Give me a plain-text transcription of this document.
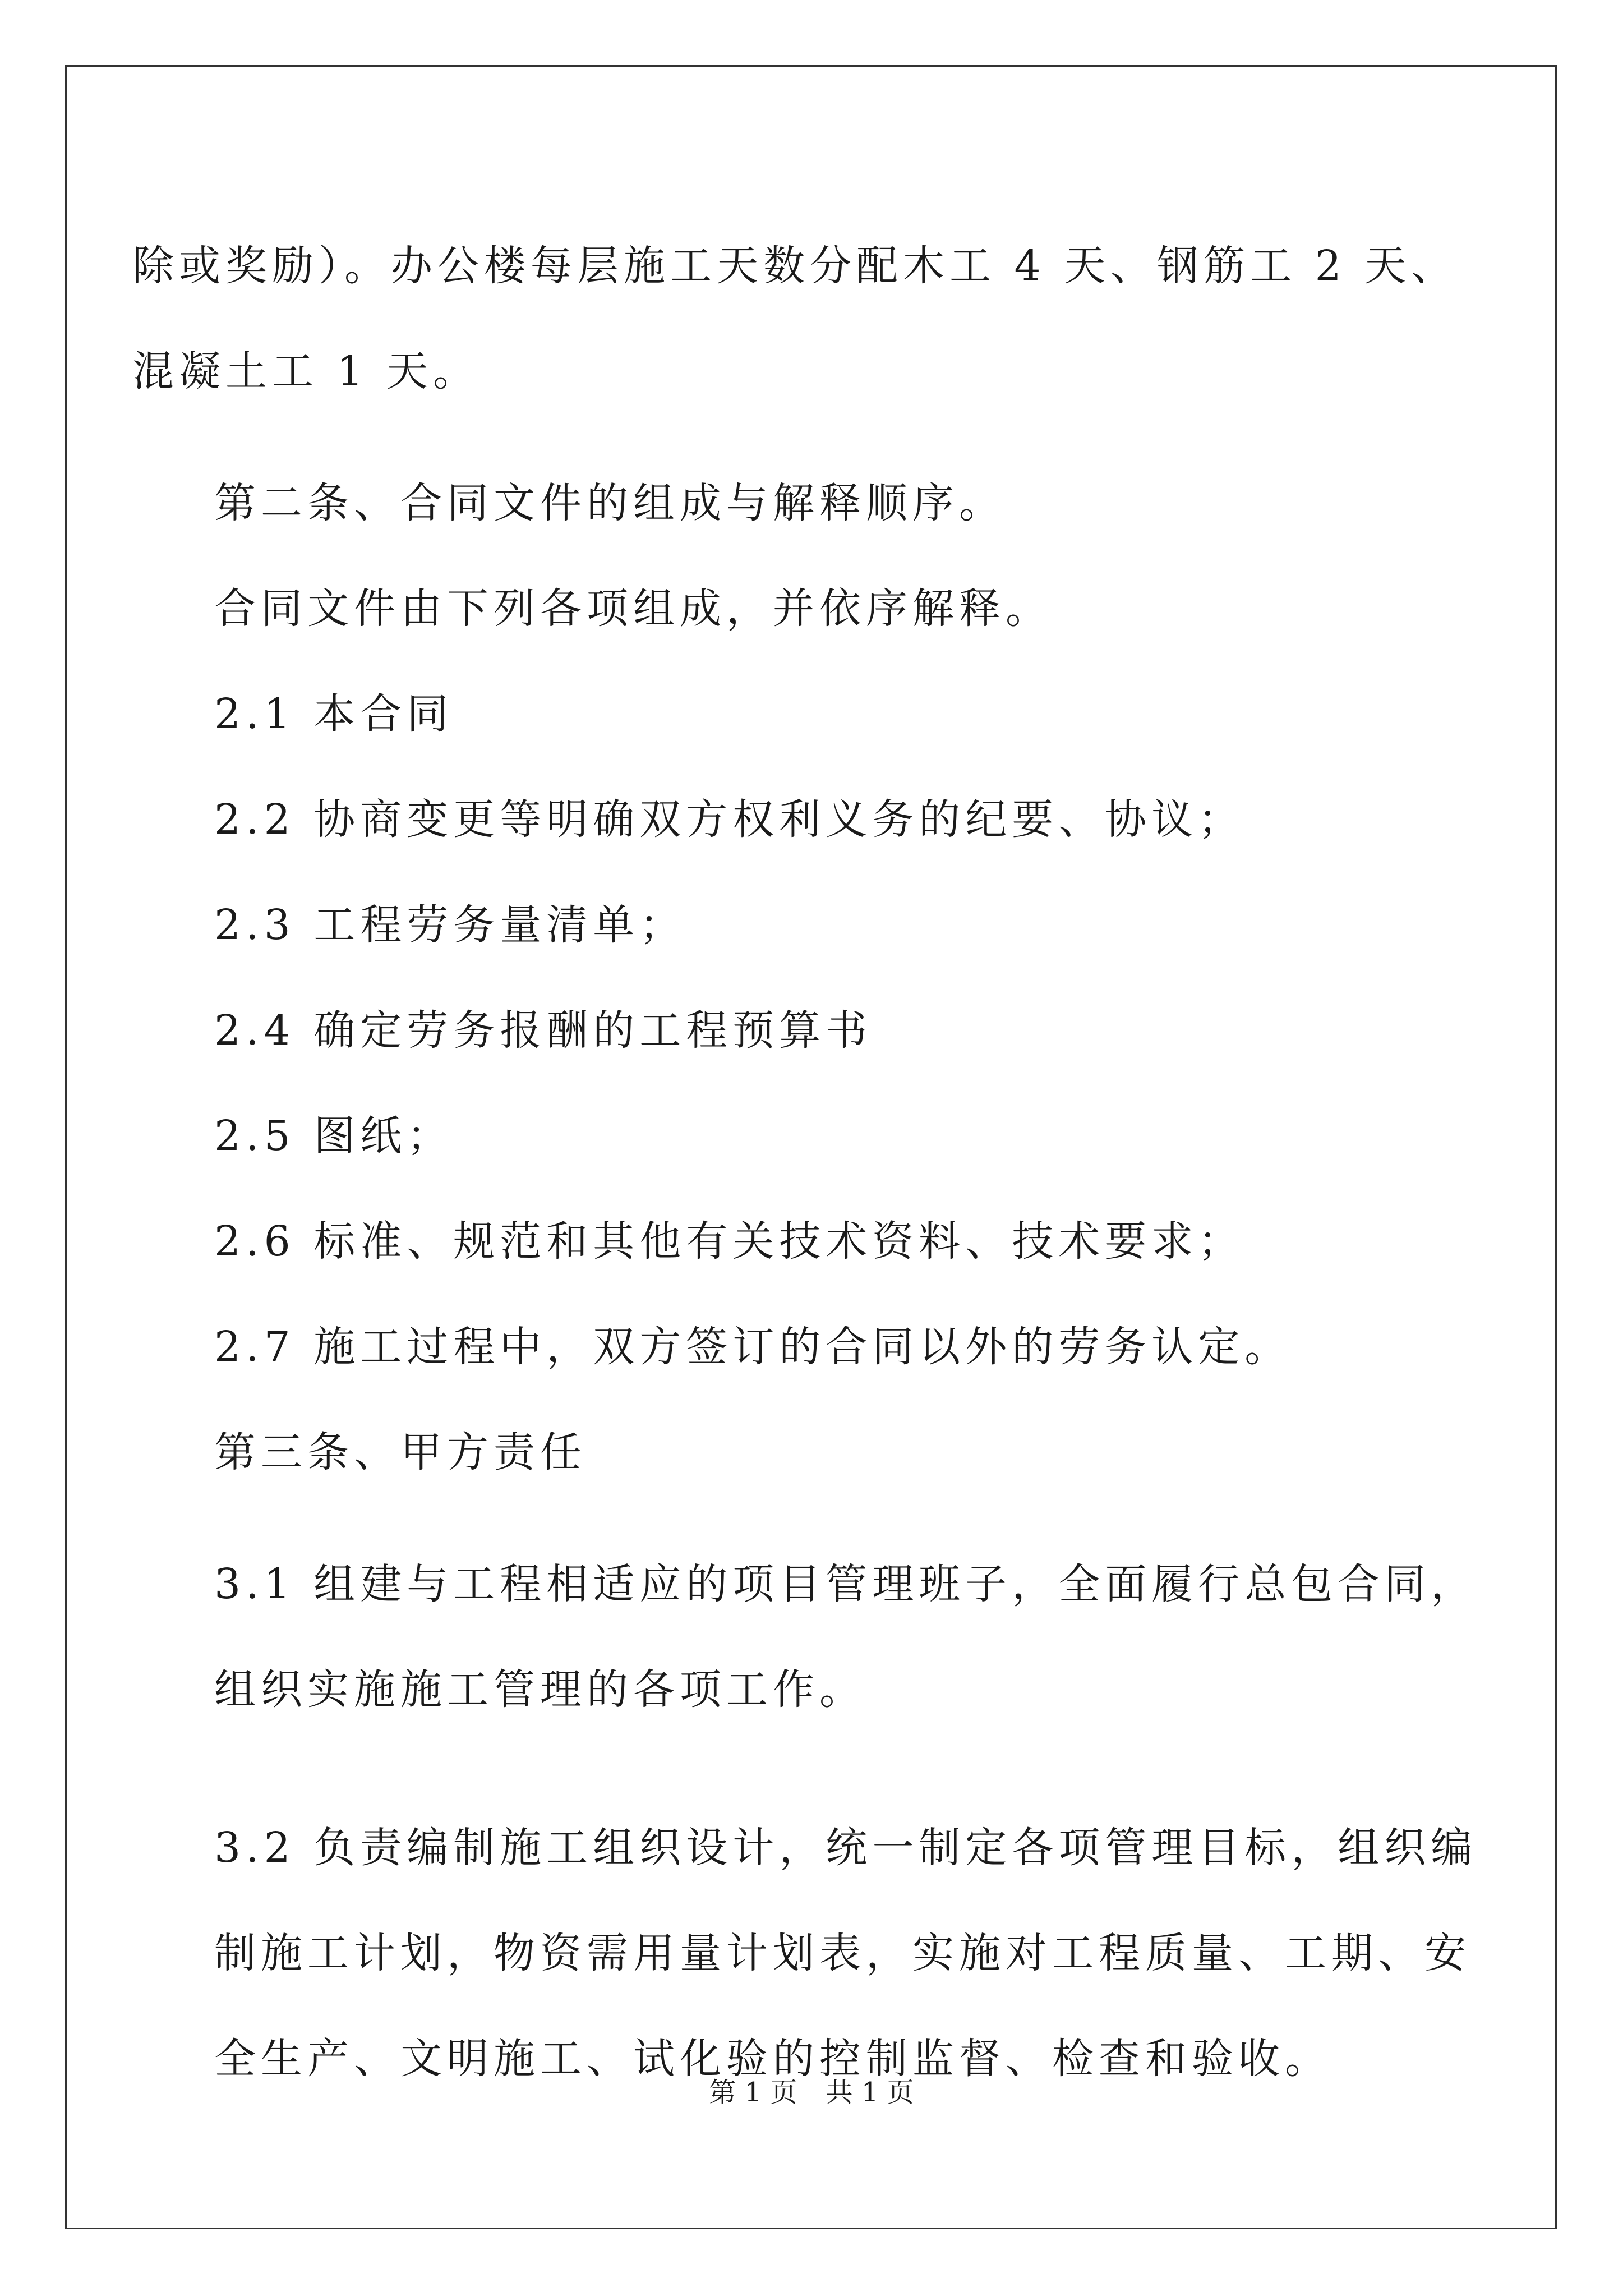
除或奖励）。办公楼每层施工天数分配木工 4 天、钢筋工 2 天、混凝土工 1 天。

第二条、合同文件的组成与解释顺序。

合同文件由下列各项组成，并依序解释。

2.1 本合同

2.2 协商变更等明确双方权利义务的纪要、协议；

2.3 工程劳务量清单；

2.4 确定劳务报酬的工程预算书

2.5 图纸；

2.6 标准、规范和其他有关技术资料、技术要求；

2.7 施工过程中，双方签订的合同以外的劳务认定。

第三条、甲方责任

3.1 组建与工程相适应的项目管理班子，全面履行总包合同，组织实施施工管理的各项工作。

3.2 负责编制施工组织设计，统一制定各项管理目标，组织编制施工计划，物资需用量计划表，实施对工程质量、工期、安全生产、文明施工、试化验的控制监督、检查和验收。

第 1 页 共 1 页
